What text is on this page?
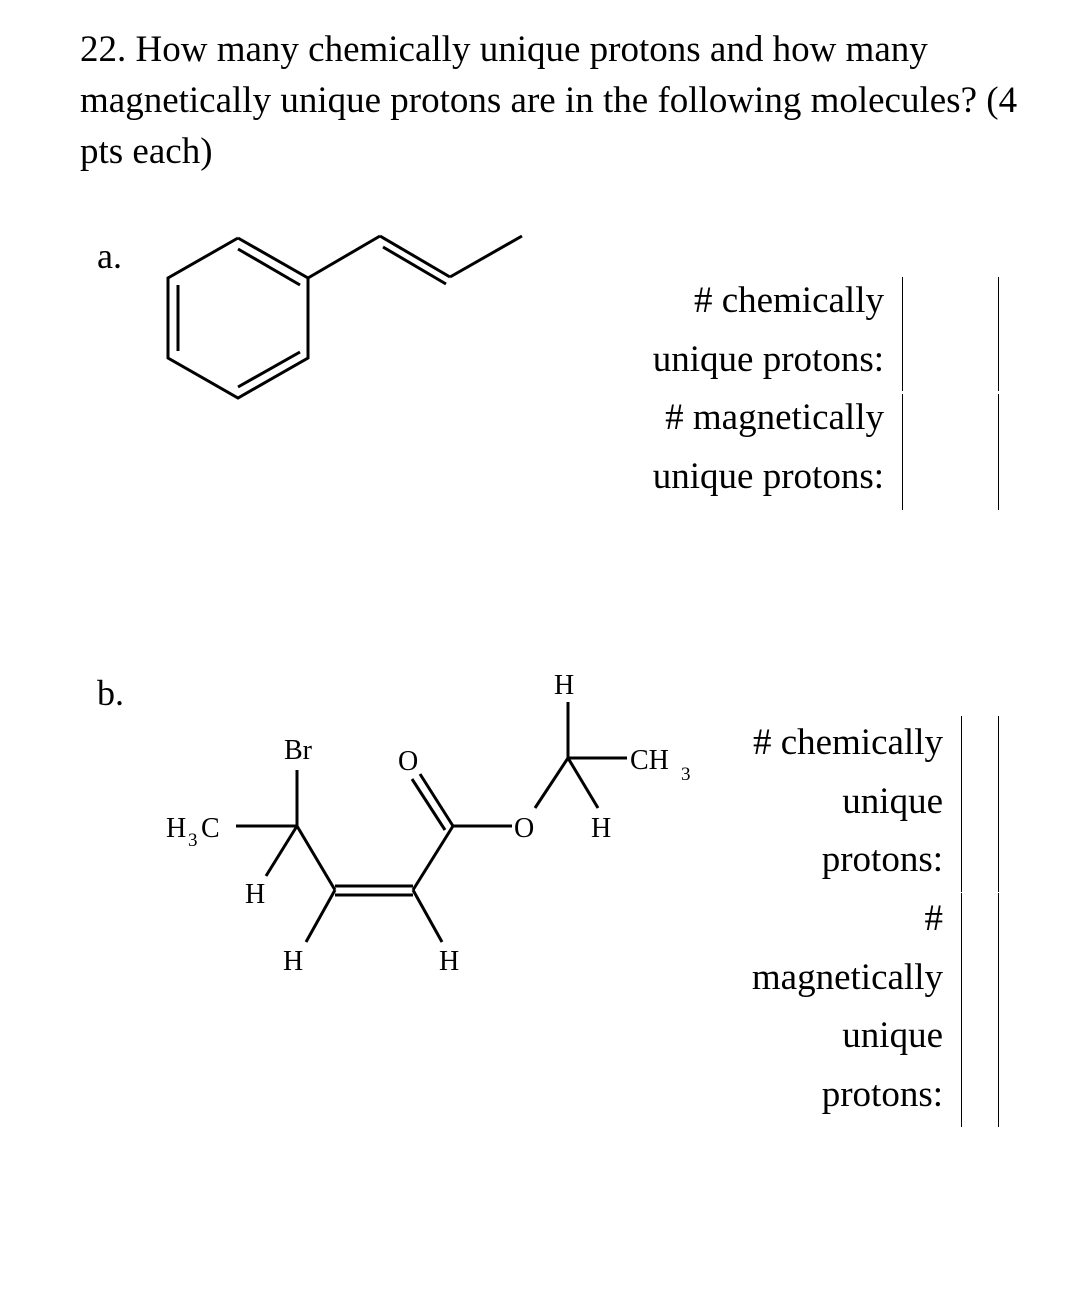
22. How many chemically unique protons and how many magnetically unique protons are in the following molecules? (4 pts each)

a.
# chemically
unique protons:
# magnetically
unique protons:
b.
Br	O
O
H
H
H
H	H
H 3 C
CH 3
# chemically
unique
protons:
#
magnetically
unique
protons:
